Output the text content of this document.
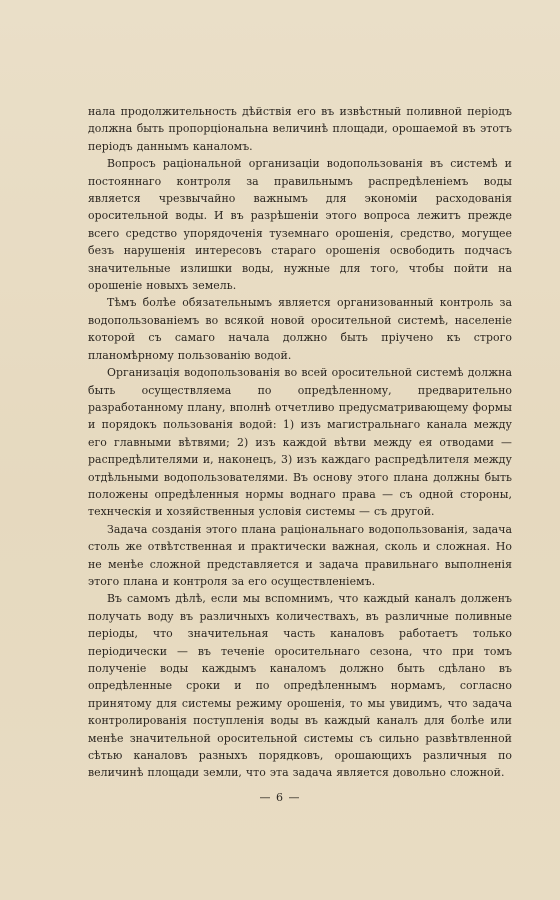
нала продолжительность дѣйствія его въ извѣстный поливной періодъ должна быть пропорціональна величинѣ площади, орошаемой въ этотъ періодъ даннымъ каналомъ.

Вопросъ раціональной организаціи водопользованія въ системѣ и постояннаго контроля за правильнымъ распредѣленіемъ воды является чрезвычайно важнымъ для экономіи расходованія оросительной воды. И въ разрѣшеніи этого вопроса лежитъ прежде всего средство упорядоченія туземнаго орошенія, средство, могущее безъ нарушенія интересовъ стараго орошенія освободить подчасъ значительные излишки воды, нужные для того, чтобы пойти на орошеніе новыхъ земель.

Тѣмъ болѣе обязательнымъ является организованный контроль за водопользованіемъ во всякой новой оросительной системѣ, населеніе которой съ самаго начала должно быть пріучено къ строго планомѣрному пользованію водой.

Организація водопользованія во всей оросительной системѣ должна быть осуществляема по опредѣленному, предварительно разработанному плану, вполнѣ отчетливо предусматривающему формы и порядокъ пользованія водой: 1) изъ магистральнаго канала между его главными вѣтвями; 2) изъ каждой вѣтви между ея отводами — распредѣлителями и, наконецъ, 3) изъ каждаго распредѣлителя между отдѣльными водопользователями. Въ основу этого плана должны быть положены опредѣленныя нормы воднаго права — съ одной стороны, технческія и хозяйственныя условія системы — съ другой.

Задача созданія этого плана раціональнаго водопользованія, задача столь же отвѣтственная и практически важная, сколь и сложная. Но не менѣе сложной представляется и задача правильнаго выполненія этого плана и контроля за его осуществленіемъ.

Въ самомъ дѣлѣ, если мы вспомнимъ, что каждый каналъ долженъ получать воду въ различныхъ количествахъ, въ различные поливные періоды, что значительная часть каналовъ работаетъ только періодически — въ теченіе оросительнаго сезона, что при томъ полученіе воды каждымъ каналомъ должно быть сдѣлано въ опредѣленные сроки и по опредѣленнымъ нормамъ, согласно принятому для системы режиму орошенія, то мы увидимъ, что задача контролированія поступленія воды въ каждый каналъ для болѣе или менѣе значительной оросительной системы съ сильно развѣтвленной сѣтью каналовъ разныхъ порядковъ, орошающихъ различныя по величинѣ площади земли, что эта задача является довольно сложной.

— 6 —
